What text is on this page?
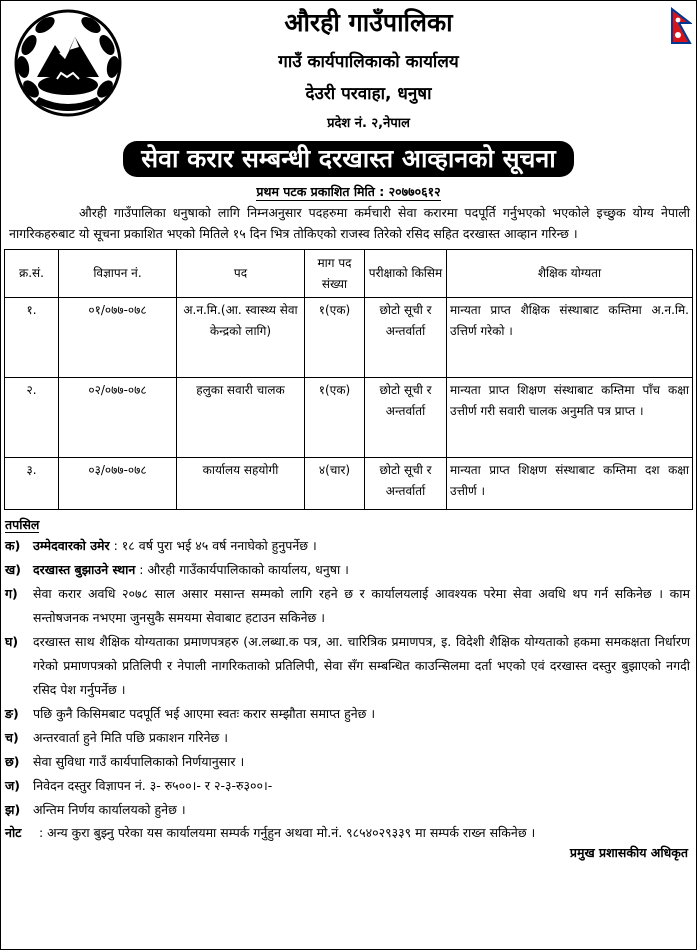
औरही गाउँपालिका
गाउँ कार्यपालिकाको कार्यालय
देउरी परवाहा, धनुषा
प्रदेश नं. २,नेपाल
सेवा करार सम्बन्धी दरखास्त आव्हानको सूचना
प्रथम पटक प्रकाशित मिति : २०७७०६१२
औरही गाउँपालिका धनुषाको लागि निम्नअनुसार पदहरुमा कर्मचारी सेवा करारमा पदपूर्ति गर्नुभएको भएकोले इच्छुक योग्य नेपाली नागरिकहरुबाट यो सूचना प्रकाशित भएको मितिले १५ दिन भित्र तोकिएको राजस्व तिरेको रसिद सहित दरखास्त आव्हान गरिन्छ ।
क्र.सं.	विज्ञापन नं.	पद	माग पद संख्या	परीक्षाको किसिम	शैक्षिक योग्यता
१.	०१/०७७-०७८	अ.न.मि.(आ. स्वास्थ्य सेवा केन्द्रको लागि)	१(एक)	छोटो सूची र अन्तर्वार्ता	मान्यता प्राप्त शैक्षिक संस्थाबाट कम्तिमा अ.न.मि. उत्तिर्ण गरेको ।
२.	०२/०७७-०७८	हलुका सवारी चालक	१(एक)	छोटो सूची र अन्तर्वार्ता	मान्यता प्राप्त शिक्षण संस्थाबाट कम्तिमा पाँच कक्षा उत्तीर्ण गरी सवारी चालक अनुमति पत्र प्राप्त ।
३.	०३/०७७-०७८	कार्यालय सहयोगी	४(चार)	छोटो सूची र अन्तर्वार्ता	मान्यता प्राप्त शिक्षण संस्थाबाट कम्तिमा दश कक्षा उत्तीर्ण ।
तपसिल
क)	उम्मेदवारको उमेर : १८ वर्ष पुरा भई ४५ वर्ष ननाघेको हुनुपर्नेछ ।
ख) दरखास्त बुझाउने स्थान : औरही गाउँकार्यपालिकाको कार्यालय, धनुषा ।
ग)	सेवा करार अवधि २०७८ साल असार मसान्त सम्मको लागि रहने छ र कार्यालयलाई आवश्यक परेमा सेवा अवधि थप गर्न सकिनेछ । काम सन्तोषजनक नभएमा जुनसुकै समयमा सेवाबाट हटाउन सकिनेछ ।
घ)	दरखास्त साथ शैक्षिक योग्यताका प्रमाणपत्रहरु (अ.लब्धा.क पत्र, आ. चारित्रिक प्रमाणपत्र, इ. विदेशी शैक्षिक योग्यताको हकमा समकक्षता निर्धारण गरेको प्रमाणपत्रको प्रतिलिपी र नेपाली नागरिकताको प्रतिलिपी, सेवा सँग सम्बन्धित काउन्सिलमा दर्ता भएको एवं दरखास्त दस्तुर बुझाएको नगदी रसिद पेश गर्नुपर्नेछ ।
ङ)	पछि कुनै किसिमबाट पदपूर्ति भई आएमा स्वतः करार सम्झौता समाप्त हुनेछ ।
च)	अन्तरवार्ता हुने मिति पछि प्रकाशन गरिनेछ ।
छ)	सेवा सुविधा गाउँ कार्यपालिकाको निर्णयानुसार ।
ज)	निवेदन दस्तुर विज्ञापन नं. ३- रु५००।- र २-३-रु३००।-
झ)	अन्तिम निर्णय कार्यालयको हुनेछ ।
नोट	: अन्य कुरा बुझ्नु परेका यस कार्यालयमा सम्पर्क गर्नुहुन अथवा मो.नं. ९८५४०२९३३९ मा सम्पर्क राख्न सकिनेछ ।
प्रमुख प्रशासकीय अधिकृत
